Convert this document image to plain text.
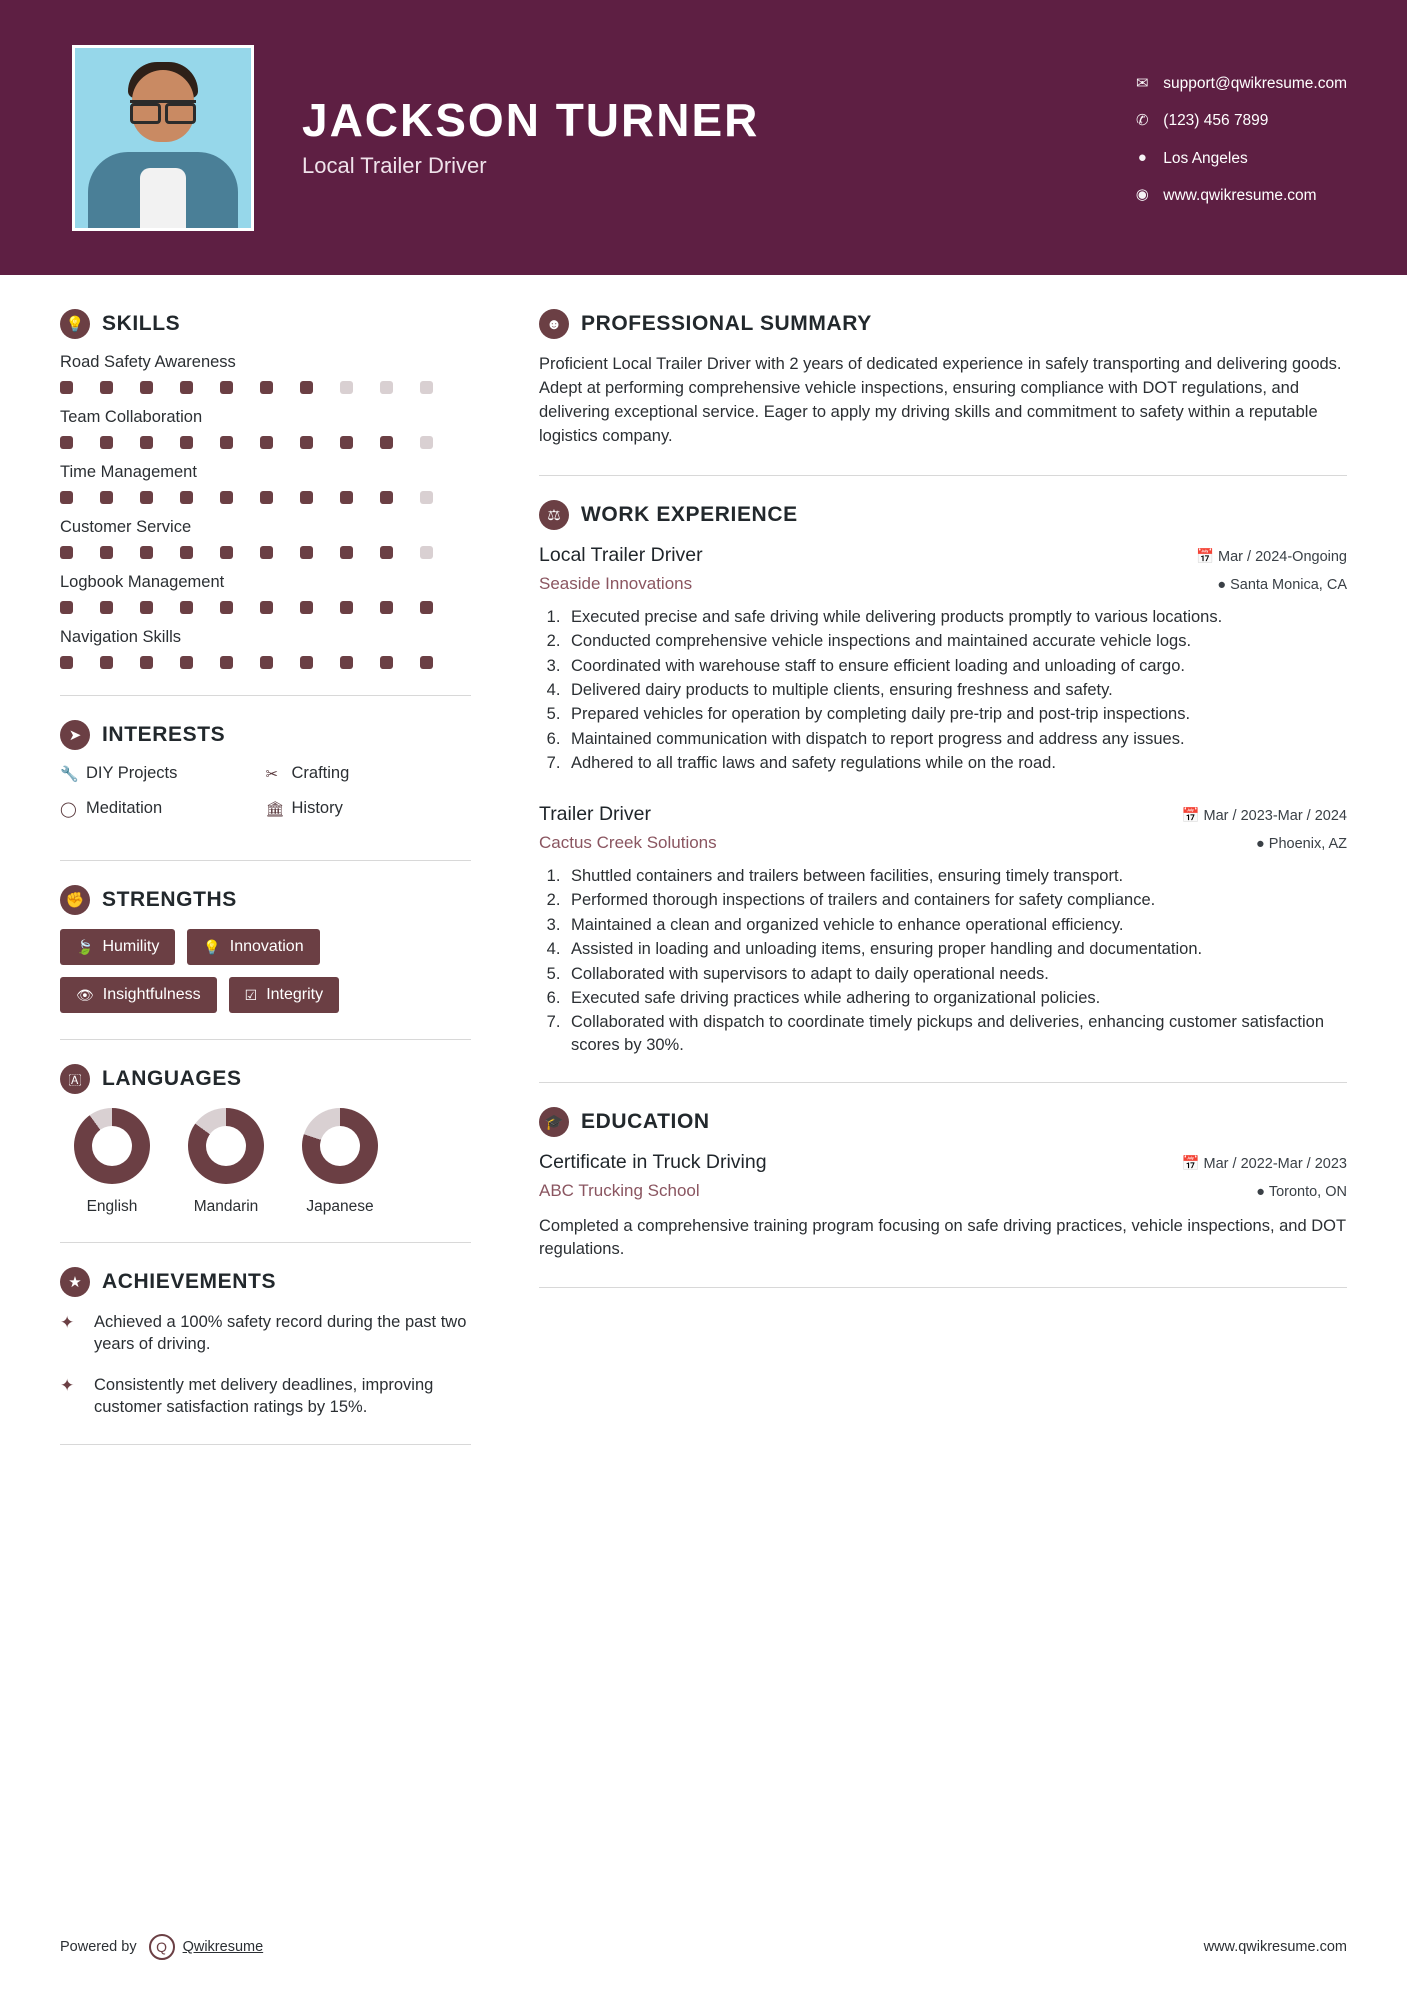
JACKSON TURNER
Local Trailer Driver
✉ support@qwikresume.com
✆ (123) 456 7899
●	Los Angeles
◉ www.qwikresume.com
💡 SKILLS
Road Safety Awareness
Team Collaboration
Time Management
Customer Service
Logbook Management
Navigation Skills
➤ INTERESTS
🔧 DIY Projects	✂ Crafting
◯ Meditation	🏛 History
✊ STRENGTHS
🍃 Humility	💡 Innovation
👁 Insightfulness	☑ Integrity
🇦 LANGUAGES
English	Mandarin	Japanese
★ ACHIEVEMENTS
✦	Achieved a 100% safety record during the past two years of driving.
✦	Consistently met delivery deadlines, improving customer satisfaction ratings by 15%.
☻ PROFESSIONAL SUMMARY
Proficient Local Trailer Driver with 2 years of dedicated experience in safely transporting and delivering goods. Adept at performing comprehensive vehicle inspections, ensuring compliance with DOT regulations, and delivering exceptional service. Eager to apply my driving skills and commitment to safety within a reputable logistics company.
⚖ WORK EXPERIENCE
Local Trailer Driver	📅 Mar / 2024-Ongoing
Seaside Innovations	● Santa Monica, CA
1. Executed precise and safe driving while delivering products promptly to various locations.
2. Conducted comprehensive vehicle inspections and maintained accurate vehicle logs.
3. Coordinated with warehouse staff to ensure efficient loading and unloading of cargo.
4. Delivered dairy products to multiple clients, ensuring freshness and safety.
5. Prepared vehicles for operation by completing daily pre-trip and post-trip inspections.
6. Maintained communication with dispatch to report progress and address any issues.
7. Adhered to all traffic laws and safety regulations while on the road.
Trailer Driver	📅 Mar / 2023-Mar / 2024
Cactus Creek Solutions	● Phoenix, AZ
1. Shuttled containers and trailers between facilities, ensuring timely transport.
2. Performed thorough inspections of trailers and containers for safety compliance.
3. Maintained a clean and organized vehicle to enhance operational efficiency.
4. Assisted in loading and unloading items, ensuring proper handling and documentation.
5. Collaborated with supervisors to adapt to daily operational needs.
6. Executed safe driving practices while adhering to organizational policies.
7. Collaborated with dispatch to coordinate timely pickups and deliveries, enhancing customer satisfaction scores by 30%.
🎓 EDUCATION
Certificate in Truck Driving	📅 Mar / 2022-Mar / 2023
ABC Trucking School	● Toronto, ON
Completed a comprehensive training program focusing on safe driving practices, vehicle inspections, and DOT regulations.
Powered by	Q	Qwikresume	www.qwikresume.com
